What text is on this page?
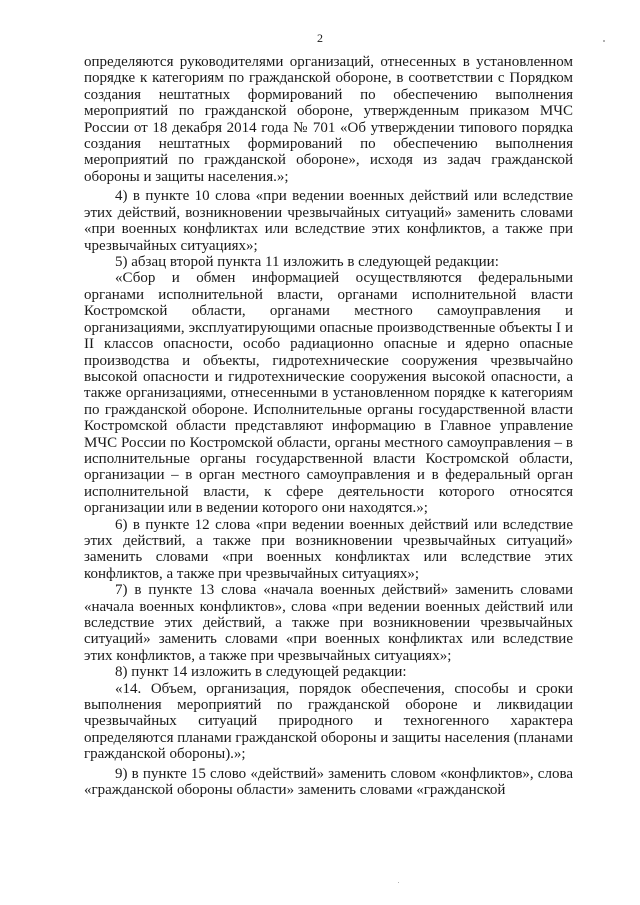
2

определяются руководителями организаций, отнесенных в установленном порядке к категориям по гражданской обороне, в соответствии с Порядком создания нештатных формирований по обеспечению выполнения мероприятий по гражданской обороне, утвержденным приказом МЧС России от 18 декабря 2014 года № 701 «Об утверждении типового порядка создания нештатных формирований по обеспечению выполнения мероприятий по гражданской обороне», исходя из задач гражданской обороны и защиты населения.»;

4) в пункте 10 слова «при ведении военных действий или вследствие этих действий, возникновении чрезвычайных ситуаций» заменить словами «при военных конфликтах или вследствие этих конфликтов, а также при чрезвычайных ситуациях»;

5) абзац второй пункта 11 изложить в следующей редакции:

«Сбор и обмен информацией осуществляются федеральными органами исполнительной власти, органами исполнительной власти Костромской области, органами местного самоуправления и организациями, эксплуатирующими опасные производственные объекты I и II классов опасности, особо радиационно опасные и ядерно опасные производства и объекты, гидротехнические сооружения чрезвычайно высокой опасности и гидротехнические сооружения высокой опасности, а также организациями, отнесенными в установленном порядке к категориям по гражданской обороне. Исполнительные органы государственной власти Костромской области представляют информацию в Главное управление МЧС России по Костромской области, органы местного самоуправления – в исполнительные органы государственной власти Костромской области, организации – в орган местного самоуправления и в федеральный орган исполнительной власти, к сфере деятельности которого относятся организации или в ведении которого они находятся.»;

6) в пункте 12 слова «при ведении военных действий или вследствие этих действий, а также при возникновении чрезвычайных ситуаций» заменить словами «при военных конфликтах или вследствие этих конфликтов, а также при чрезвычайных ситуациях»;

7) в пункте 13 слова «начала военных действий» заменить словами «начала военных конфликтов», слова «при ведении военных действий или вследствие этих действий, а также при возникновении чрезвычайных ситуаций» заменить словами «при военных конфликтах или вследствие этих конфликтов, а также при чрезвычайных ситуациях»;

8) пункт 14 изложить в следующей редакции:

«14. Объем, организация, порядок обеспечения, способы и сроки выполнения мероприятий по гражданской обороне и ликвидации чрезвычайных ситуаций природного и техногенного характера определяются планами гражданской обороны и защиты населения (планами гражданской обороны).»;

9) в пункте 15 слово «действий» заменить словом «конфликтов», слова «гражданской обороны области» заменить словами «гражданской
